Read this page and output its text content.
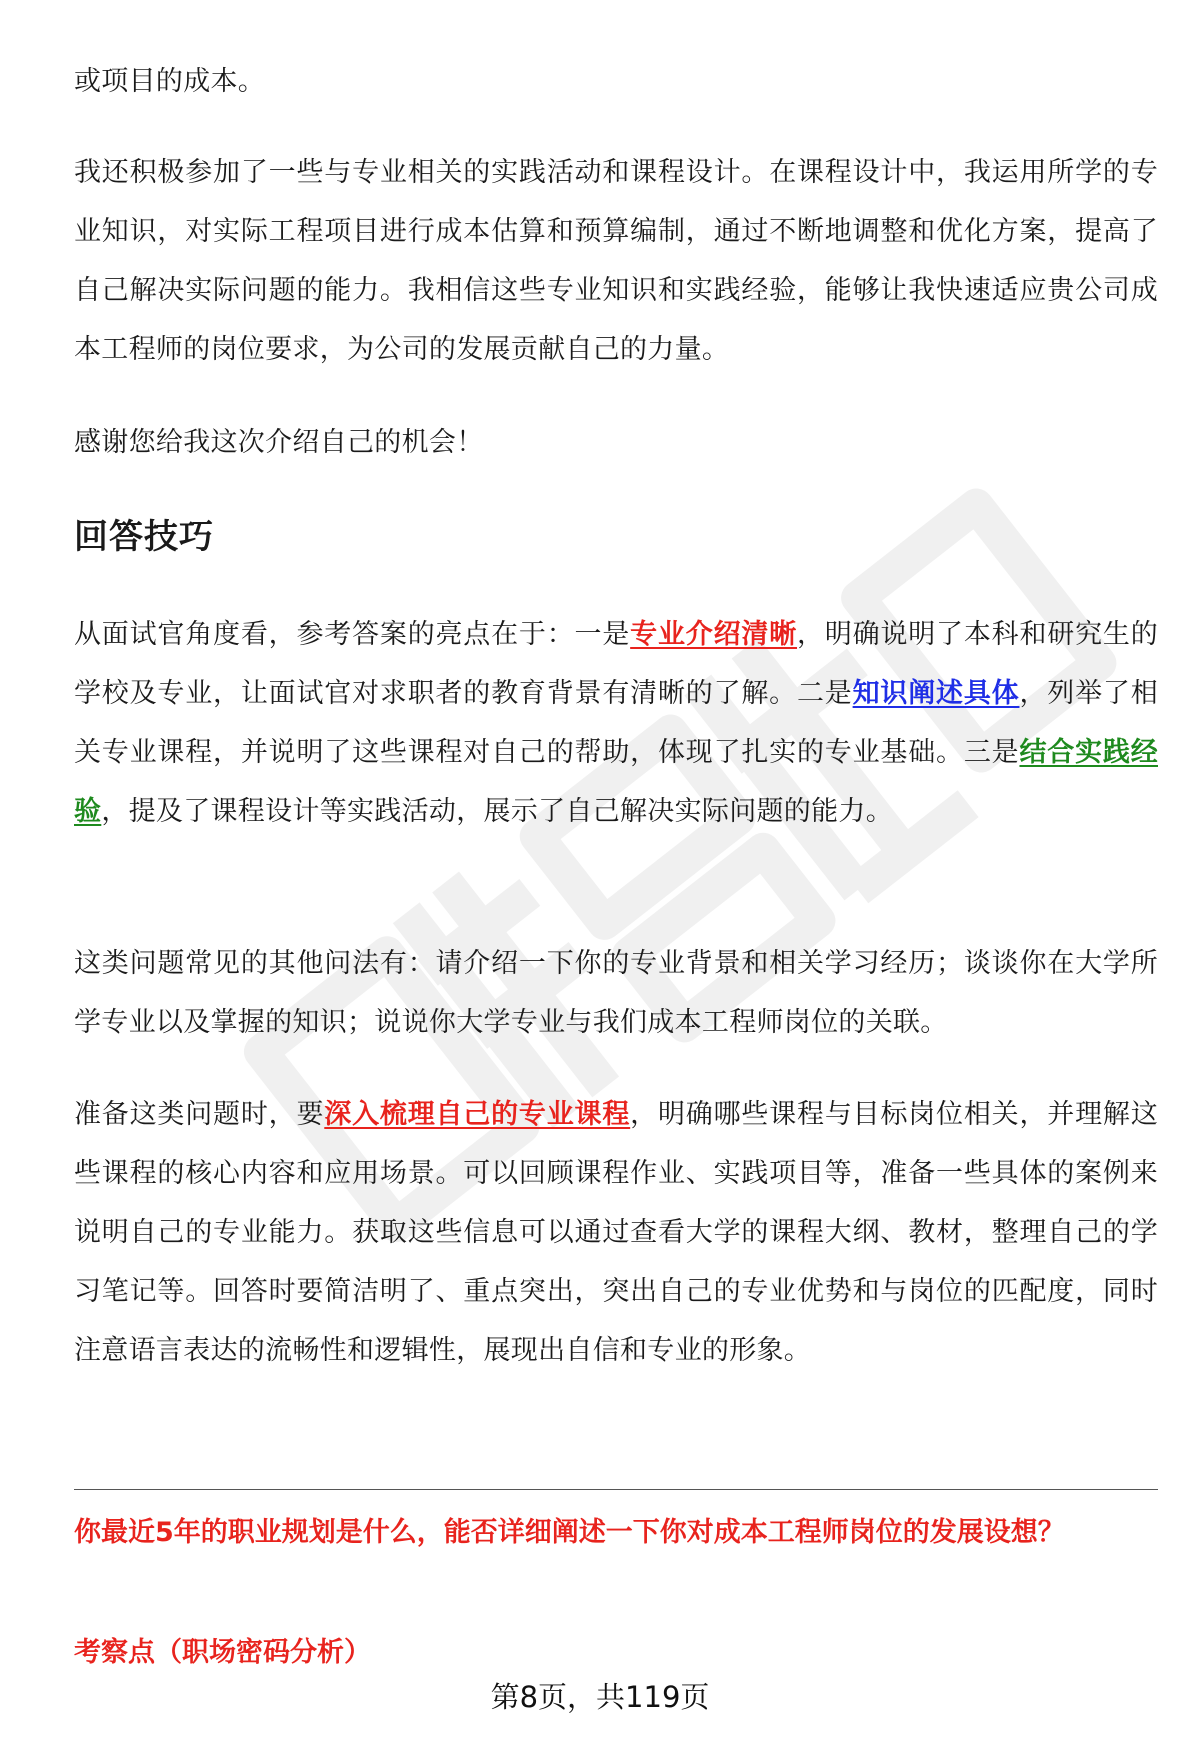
或项目的成本。

我还积极参加了一些与专业相关的实践活动和课程设计。在课程设计中，我运用所学的专业知识，对实际工程项目进行成本估算和预算编制，通过不断地调整和优化方案，提高了自己解决实际问题的能力。我相信这些专业知识和实践经验，能够让我快速适应贵公司成本工程师的岗位要求，为公司的发展贡献自己的力量。

感谢您给我这次介绍自己的机会！

回答技巧

从面试官角度看，参考答案的亮点在于：一是专业介绍清晰，明确说明了本科和研究生的学校及专业，让面试官对求职者的教育背景有清晰的了解。二是知识阐述具体，列举了相关专业课程，并说明了这些课程对自己的帮助，体现了扎实的专业基础。三是结合实践经验，提及了课程设计等实践活动，展示了自己解决实际问题的能力。

这类问题常见的其他问法有：请介绍一下你的专业背景和相关学习经历；谈谈你在大学所学专业以及掌握的知识；说说你大学专业与我们成本工程师岗位的关联。

准备这类问题时，要深入梳理自己的专业课程，明确哪些课程与目标岗位相关，并理解这些课程的核心内容和应用场景。可以回顾课程作业、实践项目等，准备一些具体的案例来说明自己的专业能力。获取这些信息可以通过查看大学的课程大纲、教材，整理自己的学习笔记等。回答时要简洁明了、重点突出，突出自己的专业优势和与岗位的匹配度，同时注意语言表达的流畅性和逻辑性，展现出自信和专业的形象。

你最近5年的职业规划是什么，能否详细阐述一下你对成本工程师岗位的发展设想？

考察点（职场密码分析）

第8页，共119页
